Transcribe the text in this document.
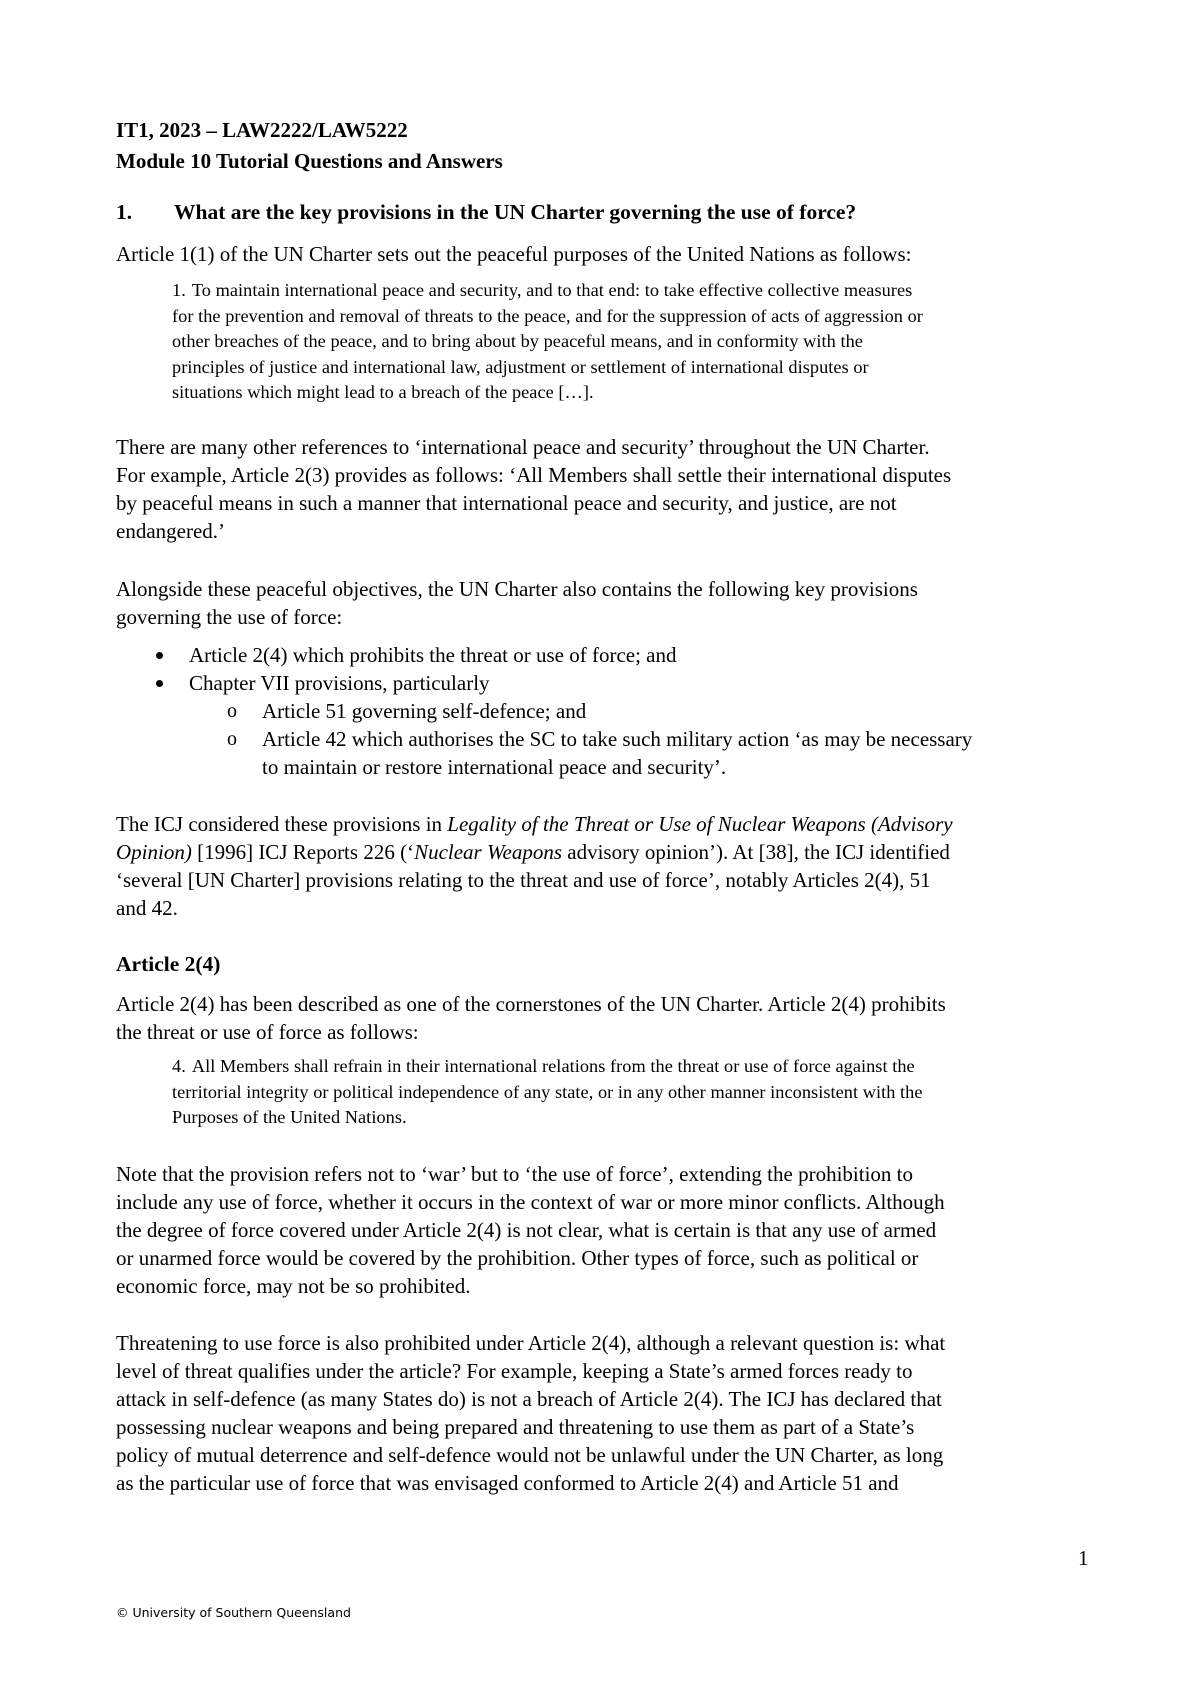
IT1, 2023 – LAW2222/LAW5222
Module 10 Tutorial Questions and Answers
1. What are the key provisions in the UN Charter governing the use of force?

Article 1(1) of the UN Charter sets out the peaceful purposes of the United Nations as follows:

1. To maintain international peace and security, and to that end: to take effective collective measures
for the prevention and removal of threats to the peace, and for the suppression of acts of aggression or
other breaches of the peace, and to bring about by peaceful means, and in conformity with the
principles of justice and international law, adjustment or settlement of international disputes or
situations which might lead to a breach of the peace […].
There are many other references to ‘international peace and security’ throughout the UN Charter.
For example, Article 2(3) provides as follows: ‘All Members shall settle their international disputes
by peaceful means in such a manner that international peace and security, and justice, are not
endangered.’
Alongside these peaceful objectives, the UN Charter also contains the following key provisions
governing the use of force:
Article 2(4) which prohibits the threat or use of force; and
Chapter VII provisions, particularly
o Article 51 governing self-defence; and
o Article 42 which authorises the SC to take such military action ‘as may be necessary
to maintain or restore international peace and security’.
The ICJ considered these provisions in Legality of the Threat or Use of Nuclear Weapons (Advisory
Opinion) [1996] ICJ Reports 226 (‘Nuclear Weapons advisory opinion’). At [38], the ICJ identified
‘several [UN Charter] provisions relating to the threat and use of force’, notably Articles 2(4), 51
and 42.
Article 2(4)
Article 2(4) has been described as one of the cornerstones of the UN Charter. Article 2(4) prohibits
the threat or use of force as follows:
4. All Members shall refrain in their international relations from the threat or use of force against the
territorial integrity or political independence of any state, or in any other manner inconsistent with the
Purposes of the United Nations.
Note that the provision refers not to ‘war’ but to ‘the use of force’, extending the prohibition to
include any use of force, whether it occurs in the context of war or more minor conflicts. Although
the degree of force covered under Article 2(4) is not clear, what is certain is that any use of armed
or unarmed force would be covered by the prohibition. Other types of force, such as political or
economic force, may not be so prohibited.
Threatening to use force is also prohibited under Article 2(4), although a relevant question is: what
level of threat qualifies under the article? For example, keeping a State’s armed forces ready to
attack in self-defence (as many States do) is not a breach of Article 2(4). The ICJ has declared that
possessing nuclear weapons and being prepared and threatening to use them as part of a State’s
policy of mutual deterrence and self-defence would not be unlawful under the UN Charter, as long
as the particular use of force that was envisaged conformed to Article 2(4) and Article 51 and
1
© University of Southern Queensland
